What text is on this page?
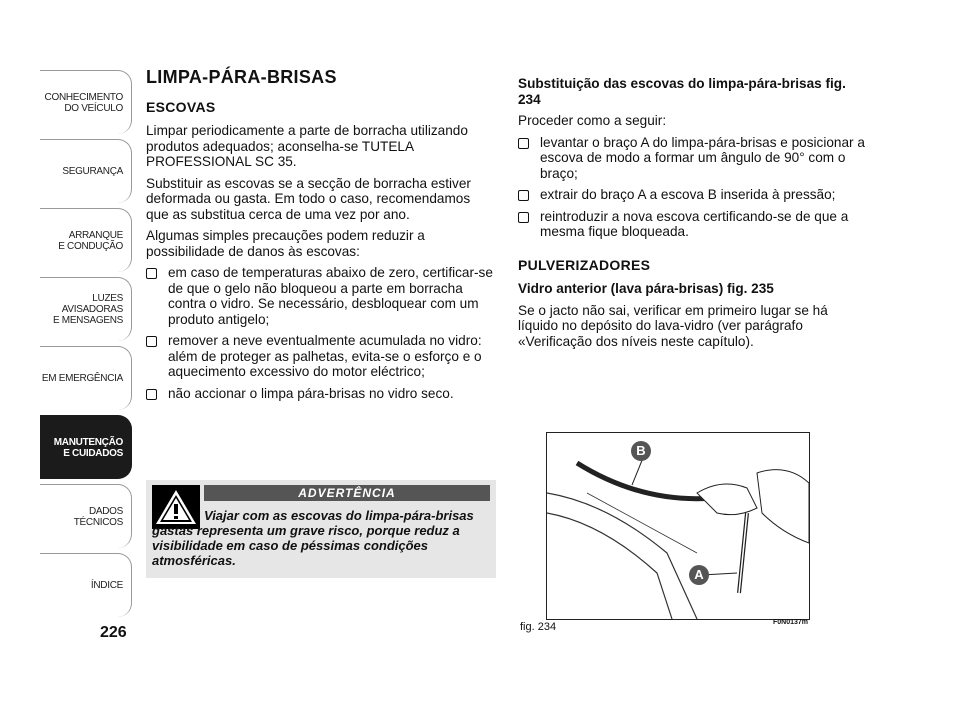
CONHECIMENTO
DO VEÍCULO
SEGURANÇA
ARRANQUE
E CONDUÇÃO
LUZES
AVISADORAS
E MENSAGENS
EM EMERGÊNCIA
MANUTENÇÃO
E CUIDADOS
DADOS
TÉCNICOS
ÍNDICE
226
LIMPA-PÁRA-BRISAS
ESCOVAS

Limpar periodicamente a parte de borracha utilizando produtos adequados; aconselha-se TUTELA PROFESSIONAL SC 35.

Substituir as escovas se a secção de borracha estiver deformada ou gasta. Em todo o caso, recomendamos que as substitua cerca de uma vez por ano.

Algumas simples precauções podem reduzir a possibilidade de danos às escovas:

em caso de temperaturas abaixo de zero, certificar-se de que o gelo não bloqueou a parte em borracha contra o vidro. Se necessário, desbloquear com um produto antigelo;
remover a neve eventualmente acumulada no vidro: além de proteger as palhetas, evita-se o esforço e o aquecimento excessivo do motor eléctrico;
não accionar o limpa pára-brisas no vidro seco.
ADVERTÊNCIA
Viajar com as escovas do limpa-pára-brisas gastas representa um grave risco, porque reduz a visibilidade em caso de péssimas condições atmosféricas.
Substituição das escovas do limpa-pára-brisas fig. 234

Proceder como a seguir:

levantar o braço A do limpa-pára-brisas e posicionar a escova de modo a formar um ângulo de 90° com o braço;
extrair do braço A a escova B inserida à pressão;
reintroduzir a nova escova certificando-se de que a mesma fique bloqueada.
PULVERIZADORES
Vidro anterior (lava pára-brisas) fig. 235

Se o jacto não sai, verificar em primeiro lugar se há líquido no depósito do lava-vidro (ver parágrafo «Verificação dos níveis neste capítulo).

B
A
fig. 234	F0N0137m
